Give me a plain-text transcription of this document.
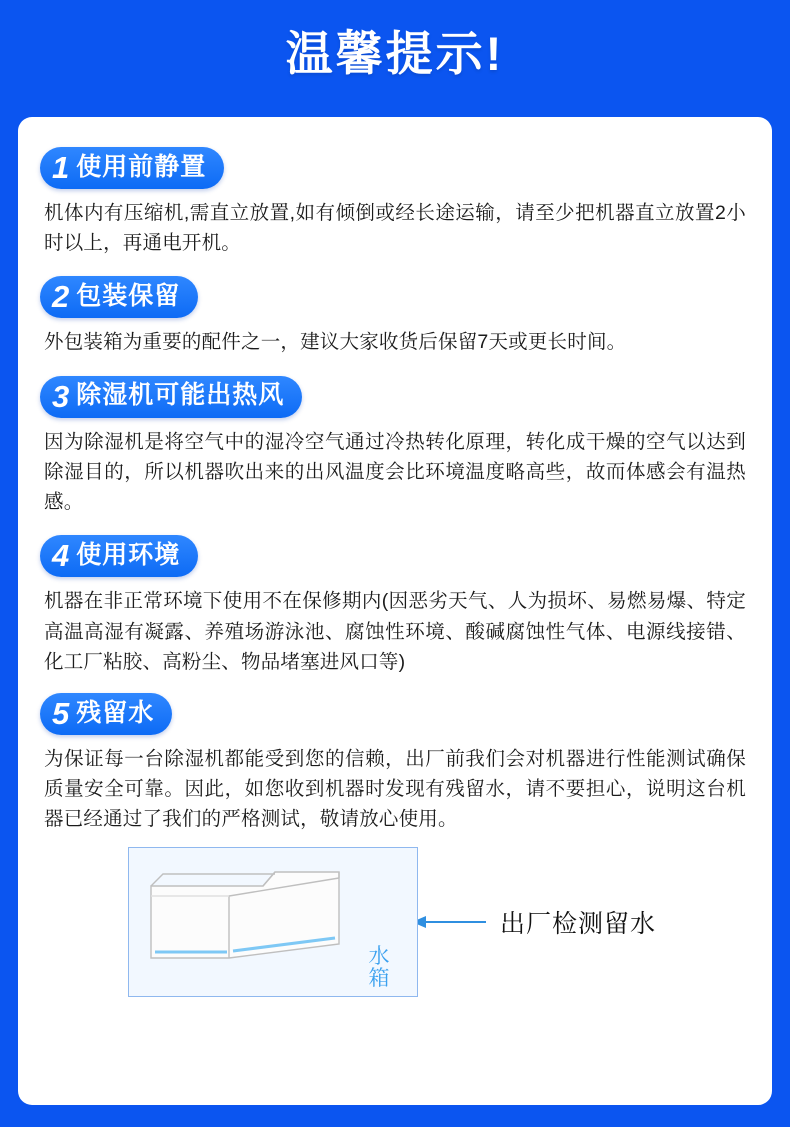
温馨提示!
1 使用前静置
机体内有压缩机,需直立放置,如有倾倒或经长途运输，请至少把机器直立放置2小时以上，再通电开机。
2 包装保留
外包装箱为重要的配件之一，建议大家收货后保留7天或更长时间。
3 除湿机可能出热风
因为除湿机是将空气中的湿冷空气通过冷热转化原理，转化成干燥的空气以达到除湿目的，所以机器吹出来的出风温度会比环境温度略高些，故而体感会有温热感。
4 使用环境
机器在非正常环境下使用不在保修期内(因恶劣天气、人为损坏、易燃易爆、特定高温高湿有凝露、养殖场游泳池、腐蚀性环境、酸碱腐蚀性气体、电源线接错、化工厂粘胶、高粉尘、物品堵塞进风口等)
5 残留水
为保证每一台除湿机都能受到您的信赖，出厂前我们会对机器进行性能测试确保质量安全可靠。因此，如您收到机器时发现有残留水，请不要担心，说明这台机器已经通过了我们的严格测试，敬请放心使用。
水箱
出厂检测留水
